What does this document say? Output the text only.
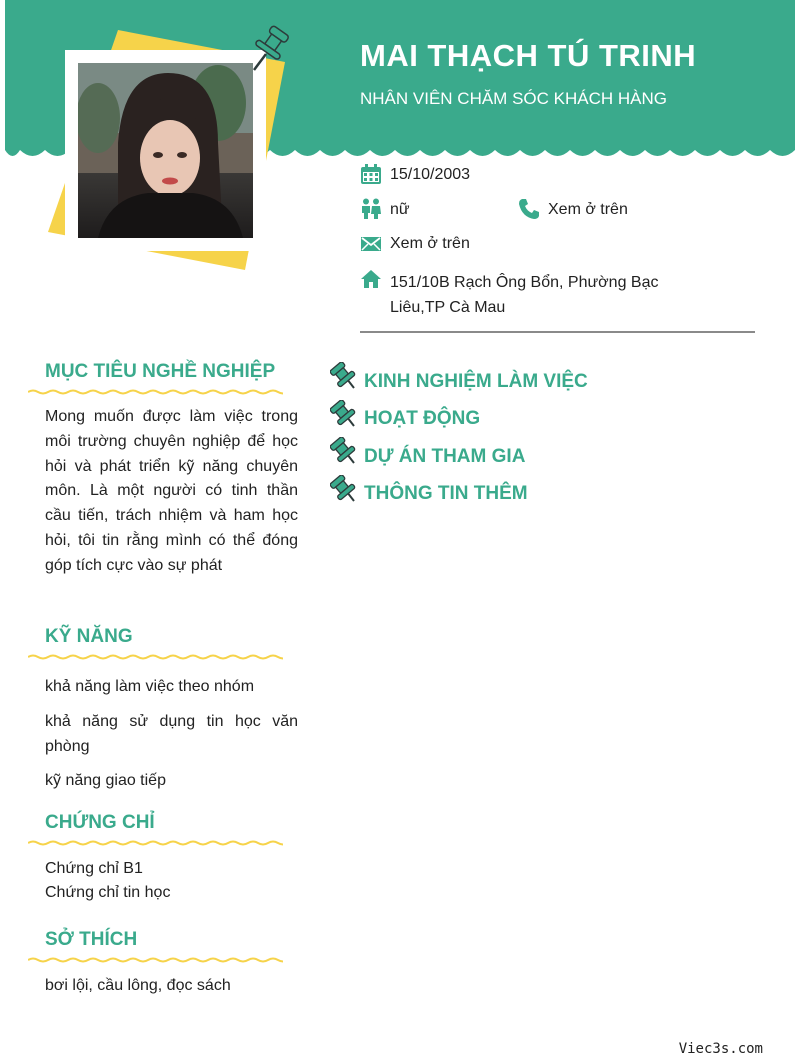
MAI THẠCH TÚ TRINH
NHÂN VIÊN CHĂM SÓC KHÁCH HÀNG
15/10/2003
nữ	Xem ở trên
Xem ở trên
151/10B Rạch Ông Bổn, Phường Bạc
Liêu,TP Cà Mau
MỤC TIÊU NGHỀ NGHIỆP
Mong muốn được làm việc trong môi trường chuyên nghiệp để học hỏi và phát triển kỹ năng chuyên môn. Là một người có tinh thần cầu tiến, trách nhiệm và ham học hỏi, tôi tin rằng mình có thể đóng góp tích cực vào sự phát
KỸ NĂNG
khả năng làm việc theo nhóm
khả năng sử dụng tin học văn phòng
kỹ năng giao tiếp
CHỨNG CHỈ
Chứng chỉ B1
Chứng chỉ tin học
SỞ THÍCH
bơi lội, cầu lông, đọc sách
KINH NGHIỆM LÀM VIỆC
HOẠT ĐỘNG
DỰ ÁN THAM GIA
THÔNG TIN THÊM
Viec3s.com
